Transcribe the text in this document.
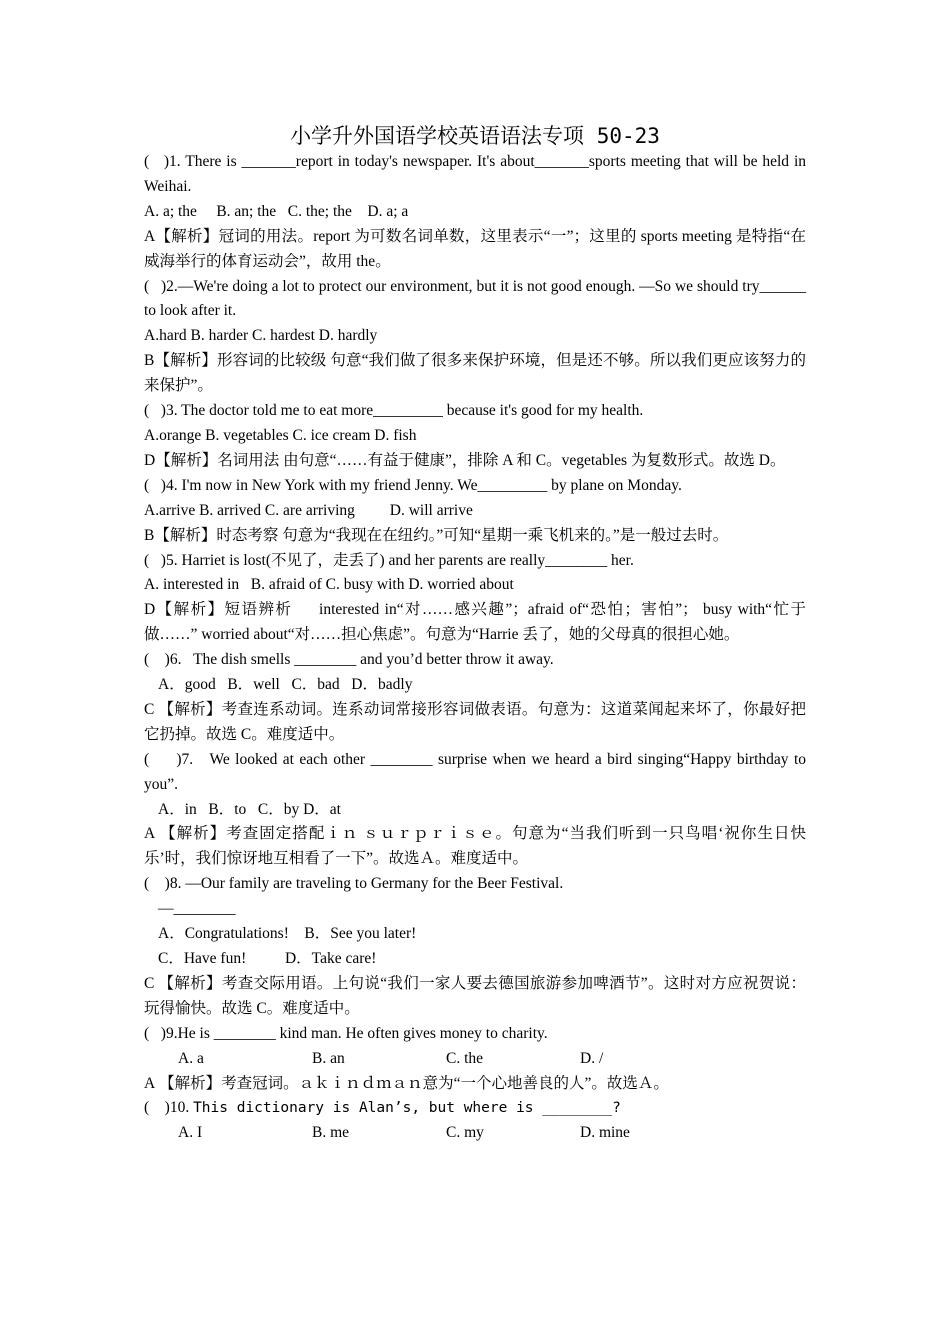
小学升外国语学校英语语法专项 50-23
(   )1. There is _______report in today's newspaper. It's about_______sports meeting that will be held in Weihai.
A. a; the     B. an; the   C. the; the    D. a; a
A【解析】冠词的用法。report 为可数名词单数，这里表示“一”；这里的 sports meeting 是特指“在威海举行的体育运动会”，故用 the。
(   )2.—We're doing a lot to protect our environment, but it is not good enough. —So we should try______ to look after it.
A.hard B. harder C. hardest D. hardly
B【解析】形容词的比较级 句意“我们做了很多来保护环境，但是还不够。所以我们更应该努力的来保护”。
(   )3. The doctor told me to eat more_________ because it's good for my health.
A.orange B. vegetables C. ice cream D. fish
D【解析】名词用法 由句意“……有益于健康”，排除 A 和 C。vegetables 为复数形式。故选 D。
(   )4. I'm now in New York with my friend Jenny. We_________ by plane on Monday.
A.arrive B. arrived C. are arriving         D. will arrive
B【解析】时态考察 句意为“我现在在纽约。”可知“星期一乘飞机来的。”是一般过去时。
(   )5. Harriet is lost(不见了，走丢了) and her parents are really________ her.
A. interested in   B. afraid of C. busy with D. worried about
D【解析】短语辨析     interested in“对……感兴趣”；afraid of“恐怕；害怕”； busy with“忙于做……” worried about“对……担心焦虑”。句意为“Harrie 丢了，她的父母真的很担心她。
(    )6.   The dish smells ________ and you’d better throw it away.
A．good   B．well   C．bad   D．badly
C 【解析】考查连系动词。连系动词常接形容词做表语。句意为：这道菜闻起来坏了，你最好把它扔掉。故选 C。难度适中。
(     )7.   We looked at each other ________ surprise when we heard a bird singing“Happy birthday to you”.
A．in   B．to   C．by D．at
A 【解析】考查固定搭配ｉｎ ｓｕｒｐｒｉｓｅ。句意为“当我们听到一只鸟唱‘祝你生日快乐’时，我们惊讶地互相看了一下”。故选Ａ。难度适中。
(    )8. —Our family are traveling to Germany for the Beer Festival.
—________
A．Congratulations!    B．See you later!
C．Have fun!          D．Take care!
C 【解析】考查交际用语。上句说“我们一家人要去德国旅游参加啤酒节”。这时对方应祝贺说：玩得愉快。故选 C。难度适中。
(   )9.He is ________ kind man. He often gives money to charity.
A. a	B. an	C. the	D. /
A 【解析】考查冠词。ａｋｉｎｄｍａｎ意为“一个心地善良的人”。故选Ａ。
(    )10. This dictionary is Alan’s, but where is ________?
A. I	B. me	C. my	D. mine
